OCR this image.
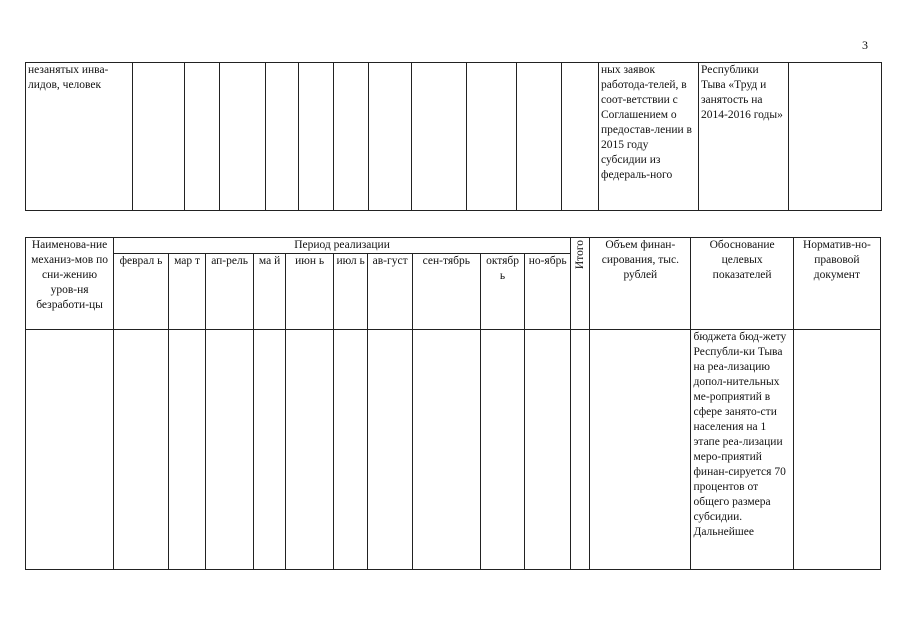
3
незанятых инва-лидов, человек												ных заявок работода-телей, в соот-ветствии с Соглашением о предостав-лении в 2015 году субсидии из федераль-ного	Республики Тыва «Труд и занятость на 2014-2016 годы»	
Наименова-ние механиз-мов по сни-жению уров-ня безработи-цы	Период реализации										Итого	Объем финан-сирования, тыс. рублей	Обоснование целевых показателей	Норматив-но-правовой документ
	феврал ь	мар т	ап-рель	ма й	июн ь	июл ь	ав-густ	сен-тябрь	октябр ь	но-ябрь				
													бюджета бюд-жету Республи-ки Тыва на реа-лизацию допол-нительных ме-роприятий в сфере занято-сти населения на 1 этапе реа-лизации меро-приятий финан-сируется 70 процентов от общего размера субсидии. Дальнейшее	
